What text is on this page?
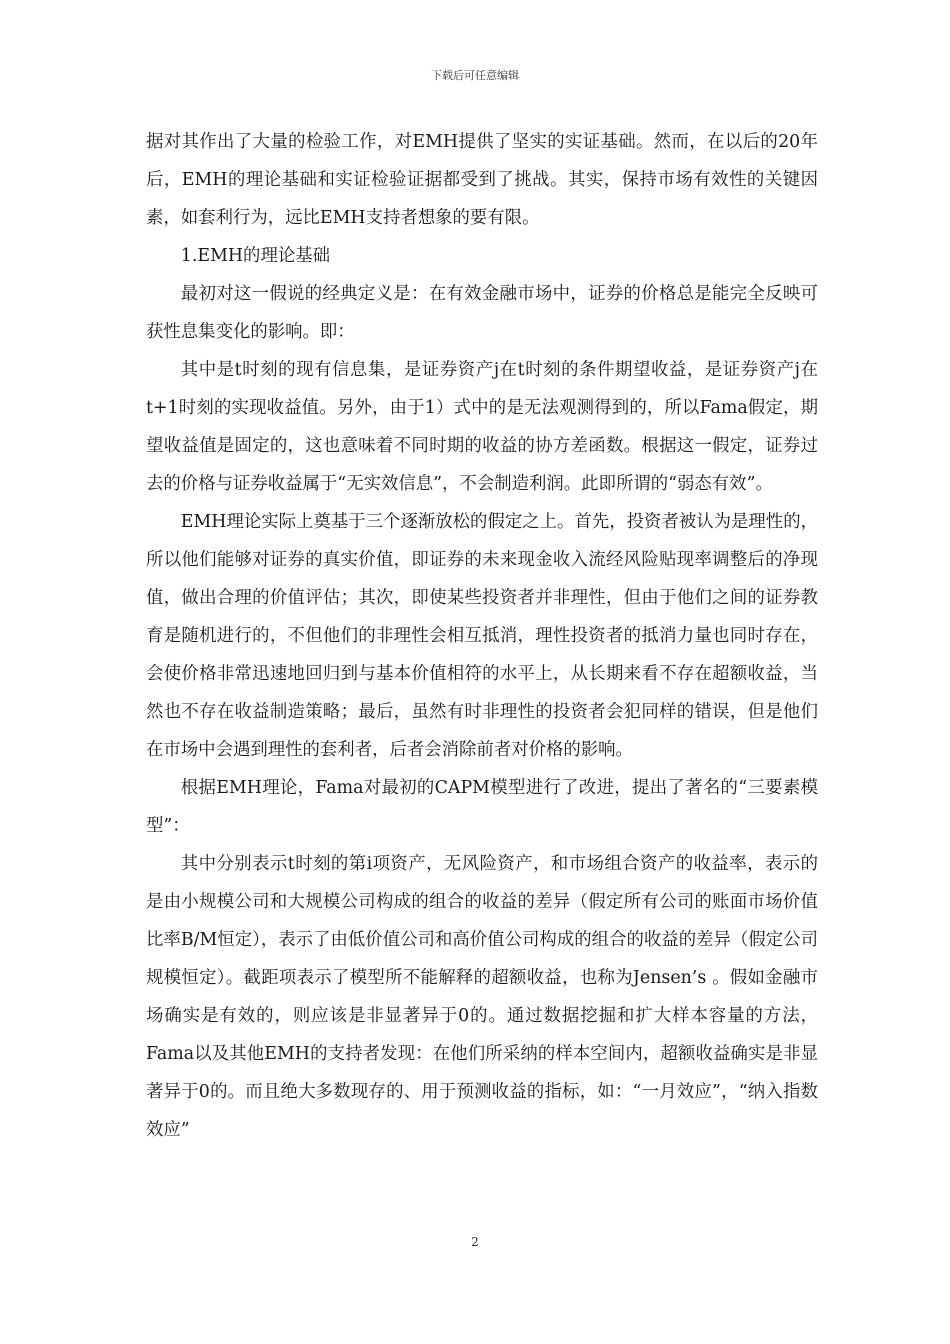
下载后可任意编辑

据对其作出了大量的检验工作，对EMH提供了坚实的实证基础。然而，在以后的20年后，EMH的理论基础和实证检验证据都受到了挑战。其实，保持市场有效性的关键因素，如套利行为，远比EMH支持者想象的要有限。

1.EMH的理论基础

最初对这一假说的经典定义是：在有效金融市场中，证券的价格总是能完全反映可获性息集变化的影响。即：

其中是t时刻的现有信息集，是证券资产j在t时刻的条件期望收益，是证券资产j在t+1时刻的实现收益值。另外，由于1）式中的是无法观测得到的，所以Fama假定，期望收益值是固定的，这也意味着不同时期的收益的协方差函数。根据这一假定，证券过去的价格与证券收益属于“无实效信息”，不会制造利润。此即所谓的“弱态有效”。

EMH理论实际上奠基于三个逐渐放松的假定之上。首先，投资者被认为是理性的，所以他们能够对证券的真实价值，即证券的未来现金收入流经风险贴现率调整后的净现值，做出合理的价值评估；其次，即使某些投资者并非理性，但由于他们之间的证券教育是随机进行的，不但他们的非理性会相互抵消，理性投资者的抵消力量也同时存在，会使价格非常迅速地回归到与基本价值相符的水平上，从长期来看不存在超额收益，当然也不存在收益制造策略；最后，虽然有时非理性的投资者会犯同样的错误，但是他们在市场中会遇到理性的套利者，后者会消除前者对价格的影响。

根据EMH理论，Fama对最初的CAPM模型进行了改进，提出了著名的“三要素模型”：

其中分别表示t时刻的第i项资产，无风险资产，和市场组合资产的收益率，表示的是由小规模公司和大规模公司构成的组合的收益的差异（假定所有公司的账面市场价值比率B/M恒定），表示了由低价值公司和高价值公司构成的组合的收益的差异（假定公司规模恒定）。截距项表示了模型所不能解释的超额收益，也称为Jensen’s 。假如金融市场确实是有效的，则应该是非显著异于0的。通过数据挖掘和扩大样本容量的方法，Fama以及其他EMH的支持者发现：在他们所采纳的样本空间内，超额收益确实是非显著异于0的。而且绝大多数现存的、用于预测收益的指标，如：“一月效应”，“纳入指数效应”

2
